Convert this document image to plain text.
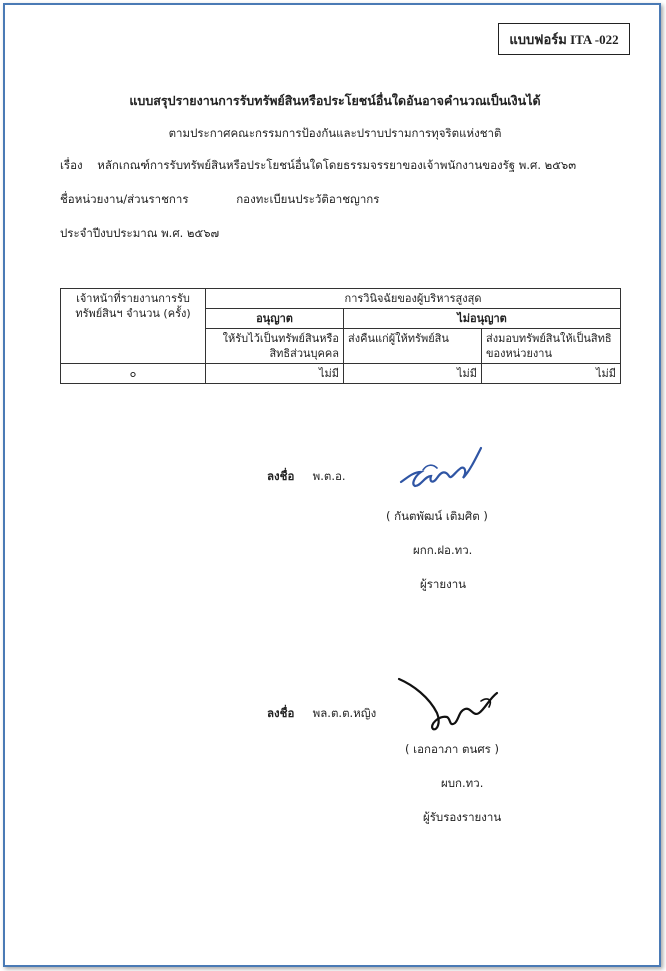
แบบฟอร์ม ITA -022
แบบสรุปรายงานการรับทรัพย์สินหรือประโยชน์อื่นใดอันอาจคำนวณเป็นเงินได้
ตามประกาศคณะกรรมการป้องกันและปราบปรามการทุจริตแห่งชาติ
เรื่อง หลักเกณฑ์การรับทรัพย์สินหรือประโยชน์อื่นใดโดยธรรมจรรยาของเจ้าพนักงานของรัฐ พ.ศ. ๒๕๖๓
ชื่อหน่วยงาน/ส่วนราชการ	กองทะเบียนประวัติอาชญากร
ประจำปีงบประมาณ พ.ศ. ๒๕๖๗
เจ้าหน้าที่รายงานการรับทรัพย์สินฯ จำนวน (ครั้ง)	การวินิจฉัยของผู้บริหารสูงสุด		
	อนุญาต	ไม่อนุญาต	
	ให้รับไว้เป็นทรัพย์สินหรือสิทธิส่วนบุคคล	ส่งคืนแก่ผู้ให้ทรัพย์สิน	ส่งมอบทรัพย์สินให้เป็นสิทธิของหน่วยงาน
๐	ไม่มี	ไม่มี	ไม่มี
ลงชื่อ พ.ต.อ.
( กันตพัฒน์ เติมศิต )
ผกก.ฝอ.ทว.
ผู้รายงาน
ลงชื่อ พล.ต.ต.หญิง
( เอกอาภา ตนศร )
ผบก.ทว.
ผู้รับรองรายงาน
